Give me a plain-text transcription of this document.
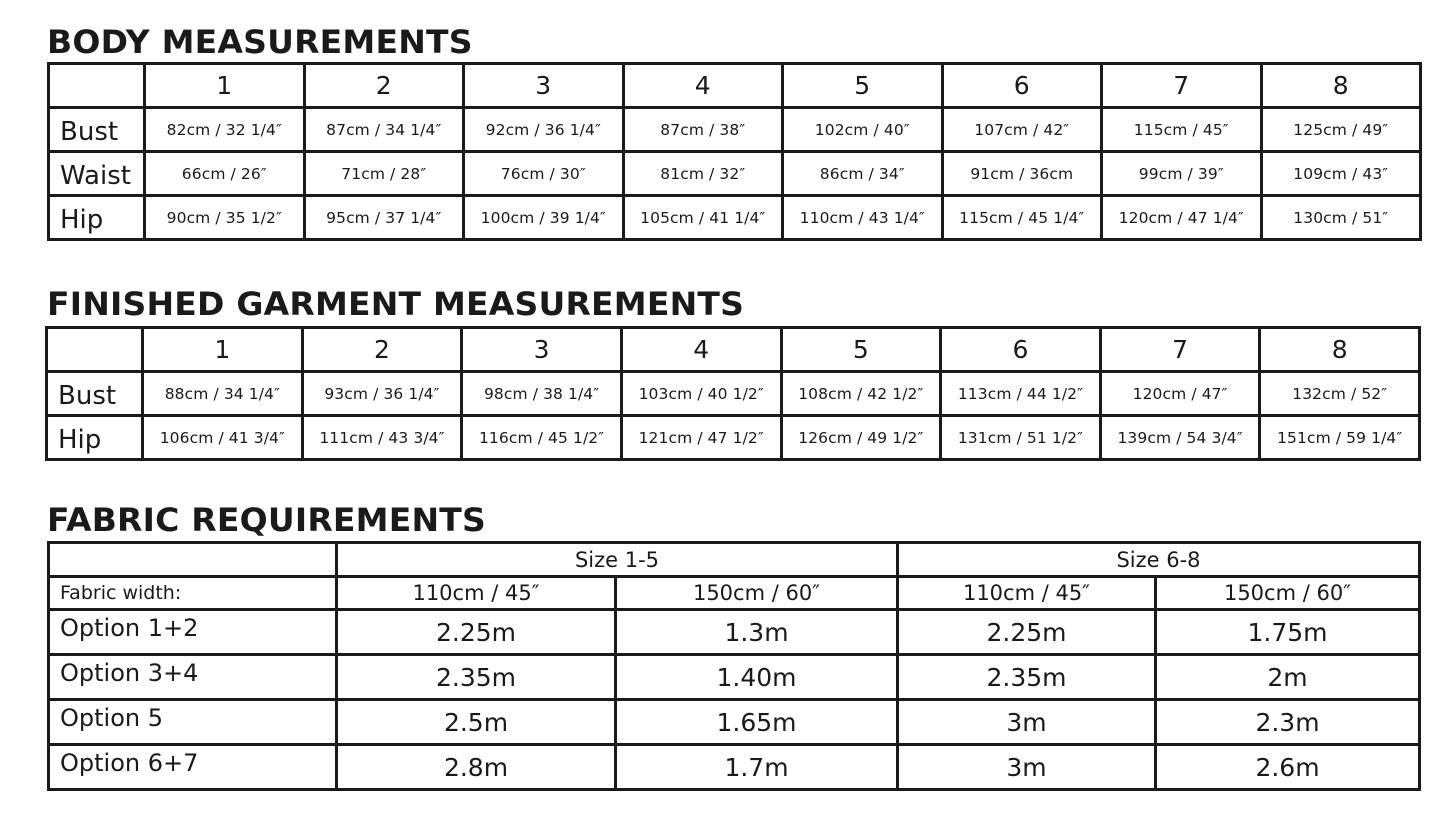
BODY MEASUREMENTS
	1	2	3	4	5	6	7	8
Bust	82cm / 32 1/4″	87cm / 34 1/4″	92cm / 36 1/4″	87cm / 38″	102cm / 40″	107cm / 42″	115cm / 45″	125cm / 49″
Waist	66cm / 26″	71cm / 28″	76cm / 30″	81cm / 32″	86cm / 34″	91cm / 36cm	99cm / 39″	109cm / 43″
Hip	90cm / 35 1/2″	95cm / 37 1/4″	100cm / 39 1/4″	105cm / 41 1/4″	110cm / 43 1/4″	115cm / 45 1/4″	120cm / 47 1/4″	130cm / 51″
FINISHED GARMENT MEASUREMENTS
	1	2	3	4	5	6	7	8
Bust	88cm / 34 1/4″	93cm / 36 1/4″	98cm / 38 1/4″	103cm / 40 1/2″	108cm / 42 1/2″	113cm / 44 1/2″	120cm / 47″	132cm / 52″
Hip	106cm / 41 3/4″	111cm / 43 3/4″	116cm / 45 1/2″	121cm / 47 1/2″	126cm / 49 1/2″	131cm / 51 1/2″	139cm / 54 3/4″	151cm / 59 1/4″
FABRIC REQUIREMENTS
	Size 1-5		Size 6-8	
Fabric width:	110cm / 45″	150cm / 60″	110cm / 45″	150cm / 60″
Option 1+2	2.25m	1.3m	2.25m	1.75m
Option 3+4	2.35m	1.40m	2.35m	2m
Option 5	2.5m	1.65m	3m	2.3m
Option 6+7	2.8m	1.7m	3m	2.6m
